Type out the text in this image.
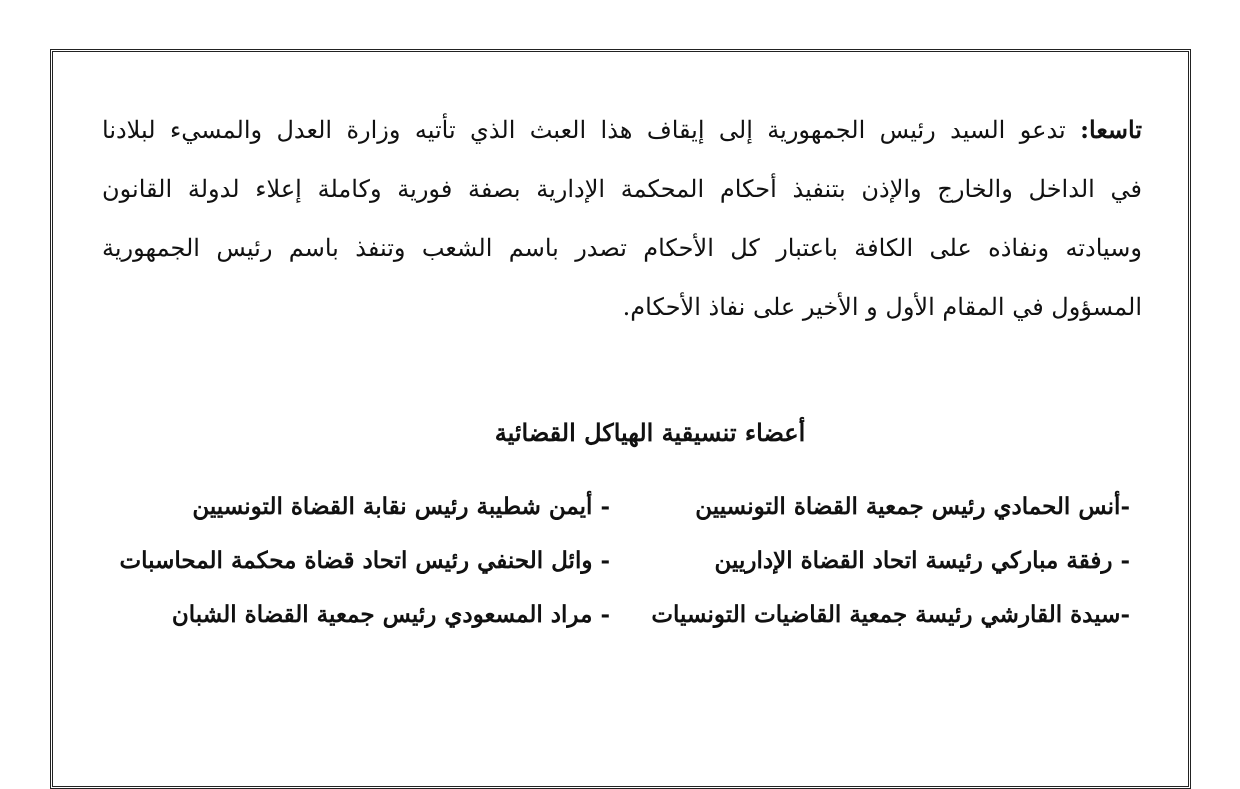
تاسعا: تدعو السيد رئيس الجمهورية إلى إيقاف هذا العبث الذي تأتيه وزارة العدل والمسيء لبلادنا
في الداخل والخارج والإذن بتنفيذ أحكام المحكمة الإدارية بصفة فورية وكاملة إعلاء لدولة القانون
وسيادته ونفاذه على الكافة باعتبار كل الأحكام تصدر باسم الشعب وتنفذ باسم رئيس الجمهورية
المسؤول في المقام الأول و الأخير على نفاذ الأحكام.
أعضاء تنسيقية الهياكل القضائية
-أنس الحمادي رئيس جمعية القضاة التونسيين
- أيمن شطيبة رئيس نقابة القضاة التونسيين
- رفقة مباركي رئيسة اتحاد القضاة الإداريين
- وائل الحنفي رئيس اتحاد قضاة محكمة المحاسبات
-سيدة القارشي رئيسة جمعية القاضيات التونسيات
- مراد المسعودي رئيس جمعية القضاة الشبان
